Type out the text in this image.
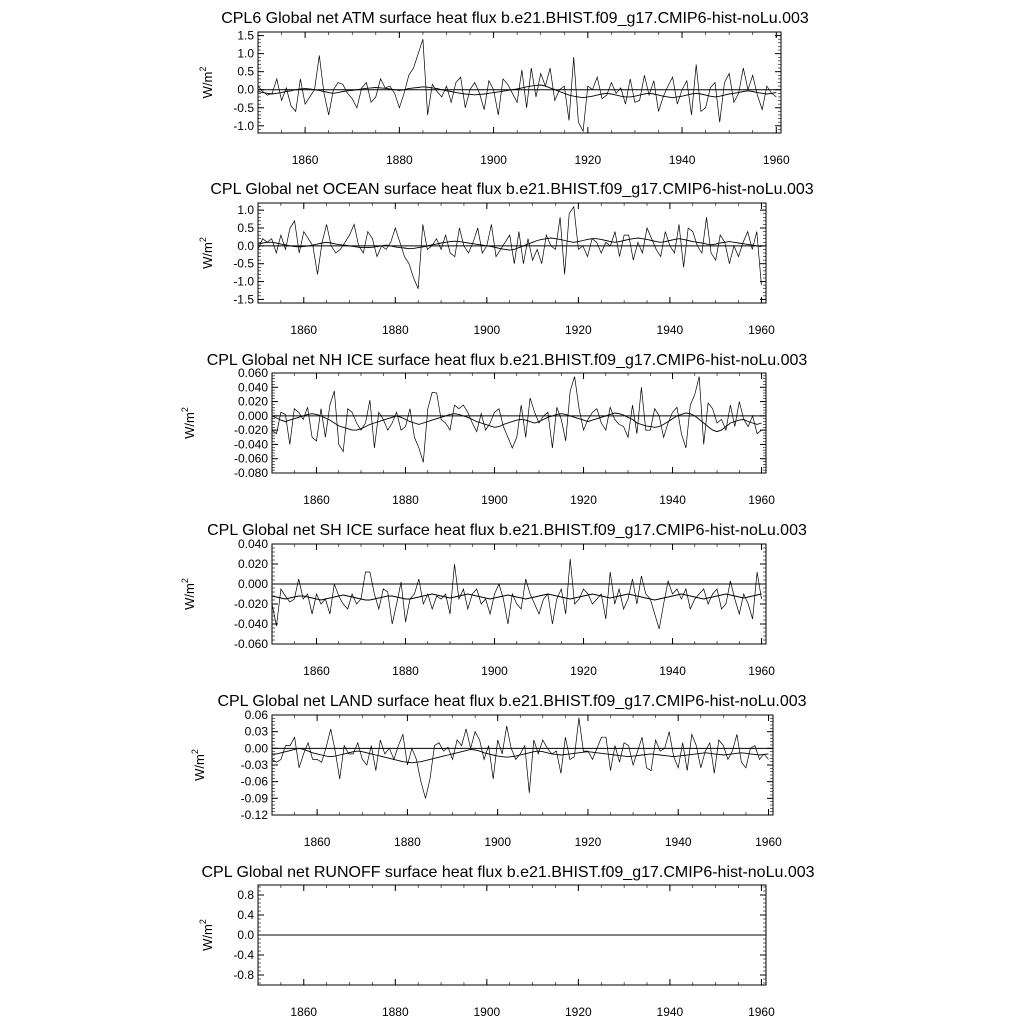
CPL6 Global net ATM surface heat flux b.e21.BHIST.f09_g17.CMIP6-hist-noLu.003
1.5
1.0
0.5
0.0
-0.5
-1.0
1860	1880	1900	1920	1940	1960
$W/m^2$
CPL Global net OCEAN surface heat flux b.e21.BHIST.f09_g17.CMIP6-hist-noLu.003
1.0
0.5
0.0
-0.5
-1.0
-1.5
1860	1880	1900	1920	1940	1960
$W/m^2$
CPL Global net NH ICE surface heat flux b.e21.BHIST.f09_g17.CMIP6-hist-noLu.003
0.060
0.040
0.020
0.000
-0.020
-0.040
-0.060
-0.080
1860	1880	1900	1920	1940	1960
$W/m^2$
CPL Global net SH ICE surface heat flux b.e21.BHIST.f09_g17.CMIP6-hist-noLu.003
0.040
0.020
0.000
-0.020
-0.040
-0.060
1860	1880	1900	1920	1940	1960
$W/m^2$
CPL Global net LAND surface heat flux b.e21.BHIST.f09_g17.CMIP6-hist-noLu.003
0.06
0.03
0.00
-0.03
-0.06
-0.09
-0.12
1860	1880	1900	1920	1940	1960
$W/m^2$
CPL Global net RUNOFF surface heat flux b.e21.BHIST.f09_g17.CMIP6-hist-noLu.003
0.8
0.4
0.0
-0.4
-0.8
1860	1880	1900	1920	1940	1960
$W/m^2$
